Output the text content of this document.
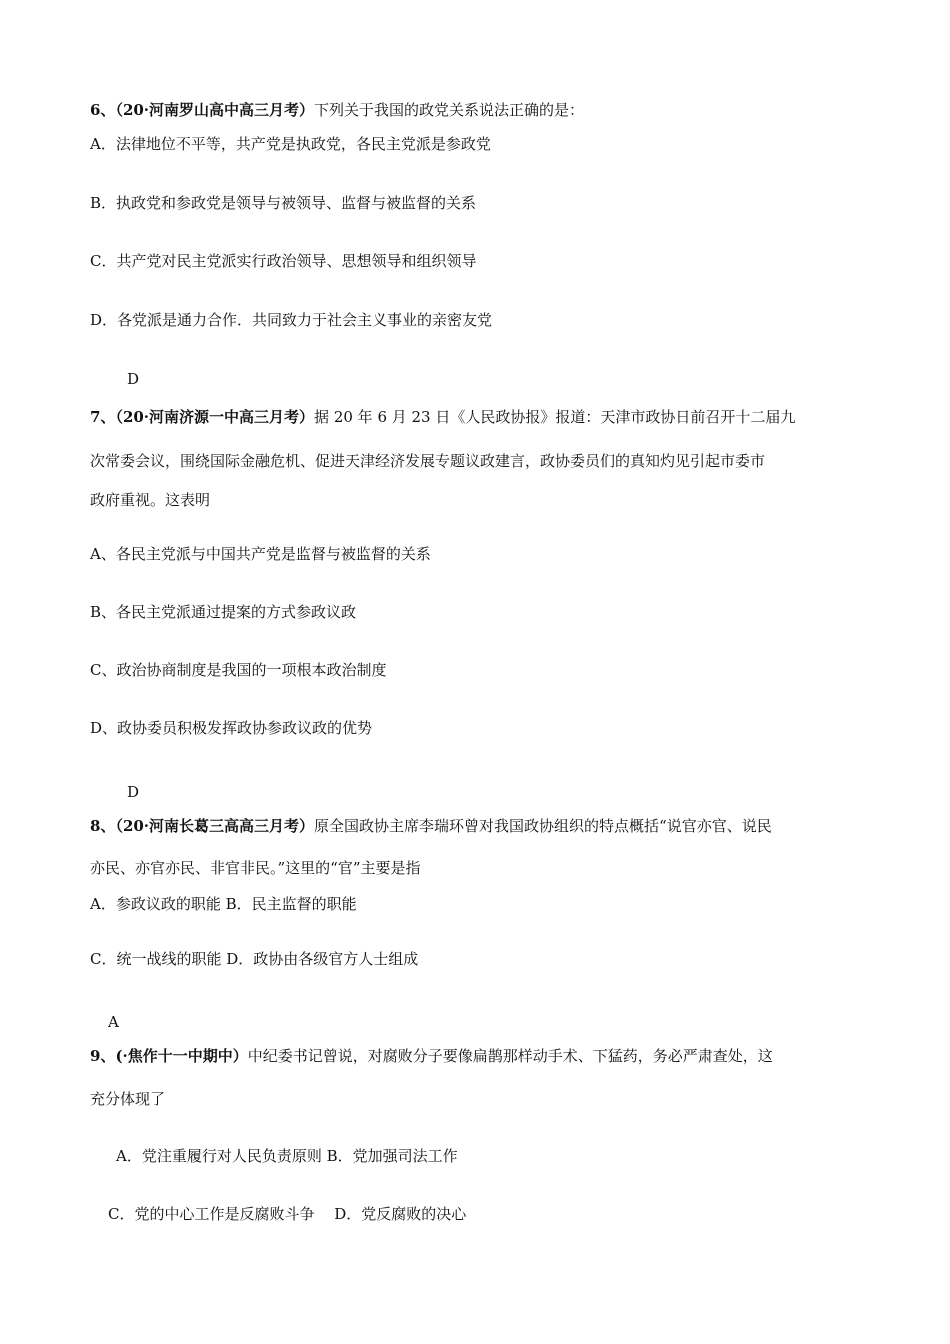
6、（20·河南罗山高中高三月考）下列关于我国的政党关系说法正确的是：
A．法律地位不平等，共产党是执政党，各民主党派是参政党
B．执政党和参政党是领导与被领导、监督与被监督的关系
C．共产党对民主党派实行政治领导、思想领导和组织领导
D．各党派是通力合作．共同致力于社会主义事业的亲密友党
D
7、（20·河南济源一中高三月考）据 20 年 6 月 23 日《人民政协报》报道：天津市政协日前召开十二届九
次常委会议，围绕国际金融危机、促进天津经济发展专题议政建言，政协委员们的真知灼见引起市委市
政府重视。这表明
A、各民主党派与中国共产党是监督与被监督的关系
B、各民主党派通过提案的方式参政议政
C、政治协商制度是我国的一项根本政治制度
D、政协委员积极发挥政协参政议政的优势
D
8、（20·河南长葛三高高三月考）原全国政协主席李瑞环曾对我国政协组织的特点概括“说官亦官、说民
亦民、亦官亦民、非官非民。”这里的“官”主要是指
A．参政议政的职能 B．民主监督的职能
C．统一战线的职能 D．政协由各级官方人士组成
A
9、(·焦作十一中期中）中纪委书记曾说，对腐败分子要像扁鹊那样动手术、下猛药，务必严肃查处，这
充分体现了
A．党注重履行对人民负责原则 B．党加强司法工作
C．党的中心工作是反腐败斗争　 D．党反腐败的决心
